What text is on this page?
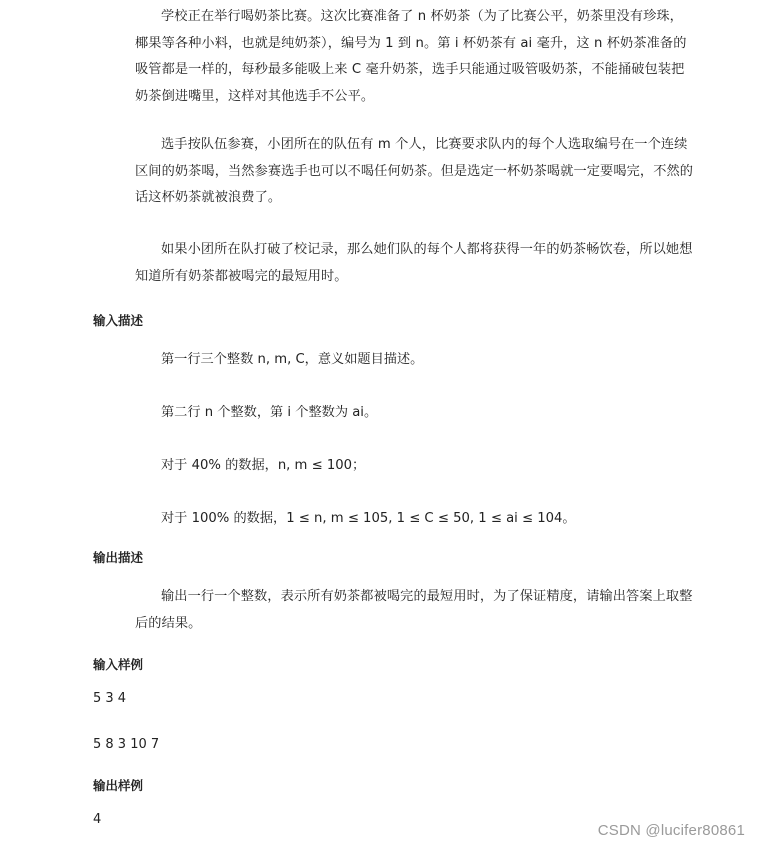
学校正在举行喝奶茶比赛。这次比赛准备了 n 杯奶茶（为了比赛公平，奶茶里没有珍珠，
椰果等各种小料，也就是纯奶茶），编号为 1 到 n。第 i 杯奶茶有 ai 毫升，这 n 杯奶茶准备的
吸管都是一样的，每秒最多能吸上来 C 毫升奶茶，选手只能通过吸管吸奶茶，不能捅破包装把
奶茶倒进嘴里，这样对其他选手不公平。
选手按队伍参赛，小团所在的队伍有 m 个人，比赛要求队内的每个人选取编号在一个连续
区间的奶茶喝，当然参赛选手也可以不喝任何奶茶。但是选定一杯奶茶喝就一定要喝完，不然的
话这杯奶茶就被浪费了。
如果小团所在队打破了校记录，那么她们队的每个人都将获得一年的奶茶畅饮卷，所以她想
知道所有奶茶都被喝完的最短用时。
输入描述
第一行三个整数 n, m, C，意义如题目描述。
第二行 n 个整数，第 i 个整数为 ai。
对于 40% 的数据，n, m ≤ 100；
对于 100% 的数据，1 ≤ n, m ≤ 105, 1 ≤ C ≤ 50, 1 ≤ ai ≤ 104。
输出描述
输出一行一个整数，表示所有奶茶都被喝完的最短用时，为了保证精度，请输出答案上取整
后的结果。
输入样例
5 3 4
5 8 3 10 7
输出样例
4
CSDN @lucifer80861
